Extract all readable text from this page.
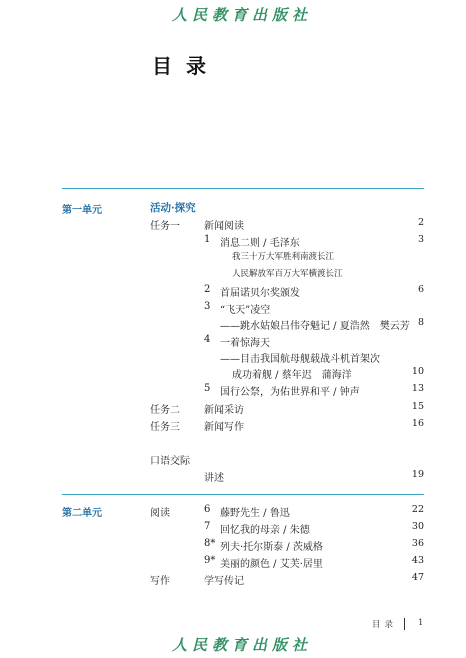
人民教育出版社
目录
第一单元	活动·探究
任务一 新闻阅读	2
1 消息二则 / 毛泽东	3
我三十万大军胜利南渡长江
人民解放军百万大军横渡长江
2 首届诺贝尔奖颁发	6
3 “飞天”凌空
——跳水姑娘吕伟夺魁记 / 夏浩然　樊云芳 8
4 一着惊海天
——目击我国航母舰载战斗机首架次
成功着舰 / 蔡年迟　蒲海洋	10
5 国行公祭，为佑世界和平 / 钟声	13
任务二 新闻采访	15
任务三 新闻写作	16
口语交际
讲述	19
第二单元	阅读	6 藤野先生 / 鲁迅	22
7 回忆我的母亲 / 朱德	30
8* 列夫·托尔斯泰 / 茨威格	36
9* 美丽的颜色 / 艾芙·居里	43
写作	学写传记	47
目录 1
人民教育出版社
